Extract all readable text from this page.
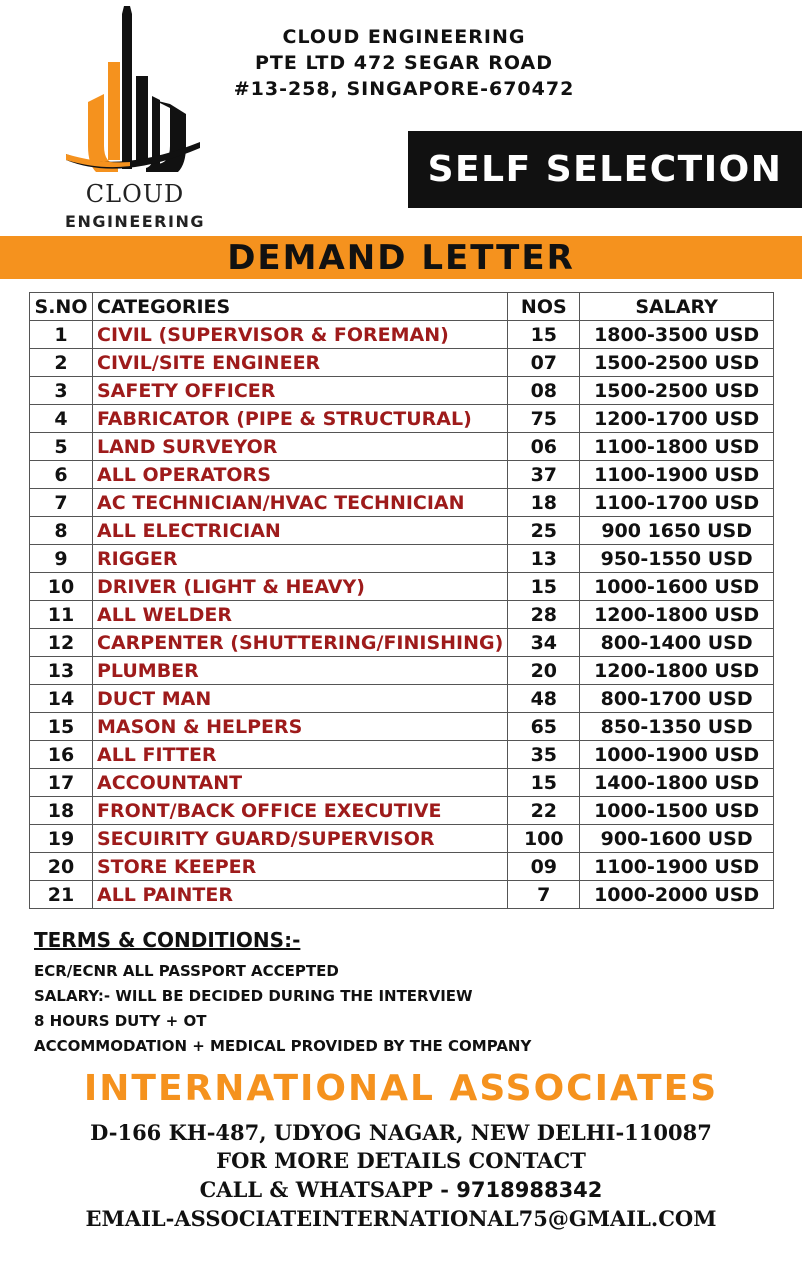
CLOUD
ENGINEERING
CLOUD ENGINEERING
PTE LTD 472 SEGAR ROAD
#13-258, SINGAPORE-670472
SELF SELECTION
DEMAND LETTER
S.NO	CATEGORIES	NOS	SALARY
1	CIVIL (SUPERVISOR & FOREMAN)	15	1800-3500 USD
2	CIVIL/SITE ENGINEER	07	1500-2500 USD
3	SAFETY OFFICER	08	1500-2500 USD
4	FABRICATOR (PIPE & STRUCTURAL)	75	1200-1700 USD
5	LAND SURVEYOR	06	1100-1800 USD
6	ALL OPERATORS	37	1100-1900 USD
7	AC TECHNICIAN/HVAC TECHNICIAN	18	1100-1700 USD
8	ALL ELECTRICIAN	25	900 1650 USD
9	RIGGER	13	950-1550 USD
10	DRIVER (LIGHT & HEAVY)	15	1000-1600 USD
11	ALL WELDER	28	1200-1800 USD
12	CARPENTER (SHUTTERING/FINISHING)	34	800-1400 USD
13	PLUMBER	20	1200-1800 USD
14	DUCT MAN	48	800-1700 USD
15	MASON & HELPERS	65	850-1350 USD
16	ALL FITTER	35	1000-1900 USD
17	ACCOUNTANT	15	1400-1800 USD
18	FRONT/BACK OFFICE EXECUTIVE	22	1000-1500 USD
19	SECUIRITY GUARD/SUPERVISOR	100	900-1600 USD
20	STORE KEEPER	09	1100-1900 USD
21	ALL PAINTER	7	1000-2000 USD
TERMS & CONDITIONS:-
ECR/ECNR ALL PASSPORT ACCEPTED
SALARY:- WILL BE DECIDED DURING THE INTERVIEW
8 HOURS DUTY + OT
ACCOMMODATION + MEDICAL PROVIDED BY THE COMPANY
INTERNATIONAL ASSOCIATES
D-166 KH-487, UDYOG NAGAR, NEW DELHI-110087
FOR MORE DETAILS CONTACT
CALL & WHATSAPP - 9718988342
EMAIL-ASSOCIATEINTERNATIONAL75@GMAIL.COM
